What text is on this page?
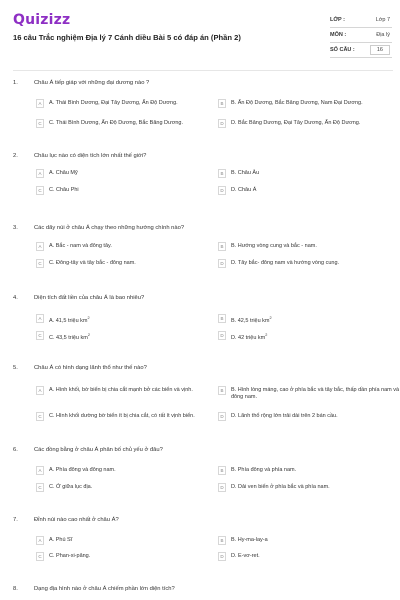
Quizizz
16 câu Trắc nghiệm Địa lý 7 Cánh diều Bài 5 có đáp án (Phần 2)
LỚP :	Lớp 7
MÔN :	Địa lý
SỐ CÂU :	16
1.	Châu Á tiếp giáp với những đại dương nào ?
A	A. Thái Bình Dương, Đại Tây Dương, Ấn Độ Dương.	B	B. Ấn Độ Dương, Bắc Băng Dương, Nam Đại Dương.
C	C. Thái Bình Dương, Ấn Độ Dương, Bắc Băng Dương.	D	D. Bắc Băng Dương, Đại Tây Dương, Ấn Độ Dương.
2.	Châu lục nào có diện tích lớn nhất thế giới?
A	A. Châu Mỹ	B	B. Châu Âu
C	C. Châu Phi	D	D. Châu Á
3.	Các dãy núi ở châu Á chạy theo những hướng chính nào?
A	A. Bắc - nam và đông tây.	B	B. Hướng vòng cung và bắc - nam.
C	C. Đông-tây và tây bắc - đông nam.	D	D. Tây bắc- đông nam và hướng vòng cung.
4.	Diện tích đất liền của châu Á là bao nhiêu?
A	A. 41,5 triệu $km^2$	B	B. 42,5 triệu $km^2$
C	C. 43,5 triệu $km^2$	D	D. 42 triệu $km^2$
5.	Châu Á có hình dạng lãnh thổ như thế nào?
A	A. Hình khối, bờ biển bị chia cắt mạnh bở các biển và vịnh.	B	B. Hình lòng máng, cao ở phía bắc và tây bắc, thấp dần phía nam và đông nam.
C	C. Hình khối dường bờ biển ít bị chia cắt, có rất ít vịnh biển.	D	D. Lãnh thổ rộng lớn trải dài trên 2 bán cầu.
6.	Các đồng bằng ở châu Á phân bố chủ yếu ở đâu?
A	A. Phía đông và đông nam.	B	B. Phía đông và phía nam.
C	C. Ở giữa lục địa.	D	D. Dải ven biển ở phía bắc và phía nam.
7.	Đỉnh núi nào cao nhất ở châu Á?
A	A. Phú Sĩ	B	B. Hy-ma-lay-a
C	C. Phan-xi-păng.	D	D. E-vơ-ret.
8.	Dạng địa hình nào ở châu Á chiếm phần lớn diện tích?
